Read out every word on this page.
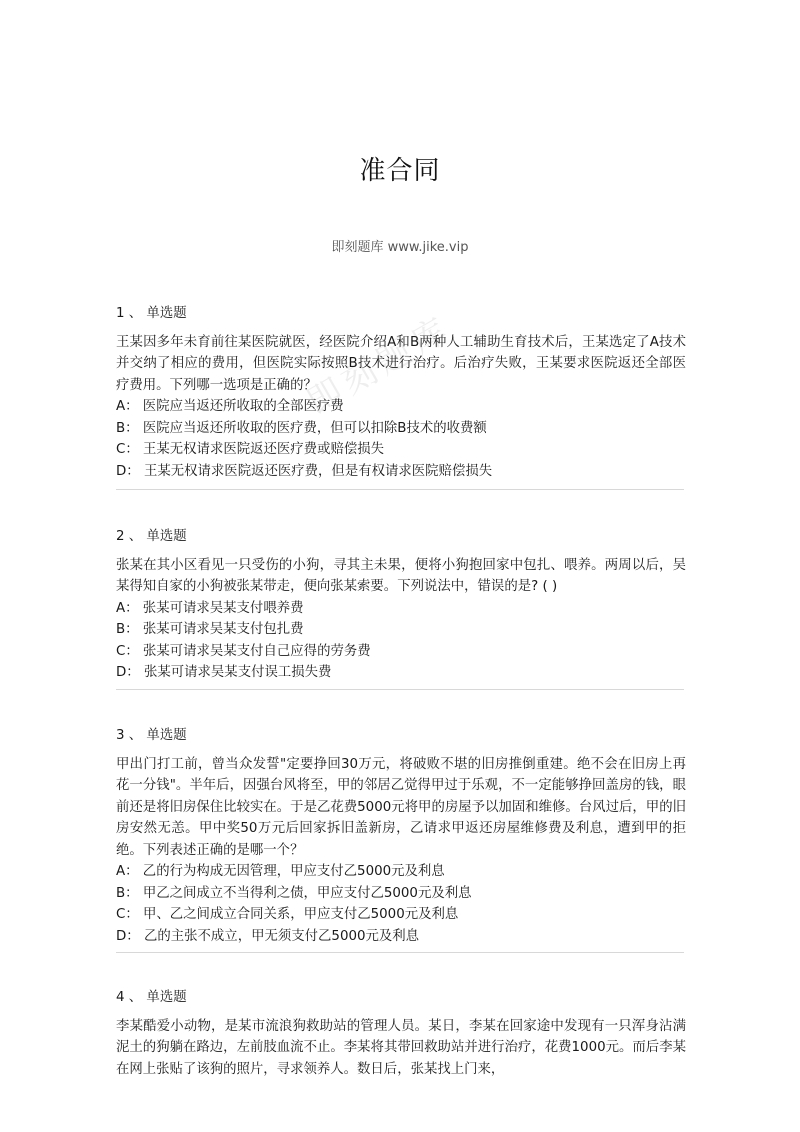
准合同
即刻题库 www.jike.vip
即刻题库
1 、 单选题
王某因多年未育前往某医院就医，经医院介绍A和B两种人工辅助生育技术后，王某选定了A技术并交纳了相应的费用，但医院实际按照B技术进行治疗。后治疗失败，王某要求医院返还全部医疗费用。下列哪一选项是正确的？
A： 医院应当返还所收取的全部医疗费
B： 医院应当返还所收取的医疗费，但可以扣除B技术的收费额
C： 王某无权请求医院返还医疗费或赔偿损失
D： 王某无权请求医院返还医疗费，但是有权请求医院赔偿损失
2 、 单选题
张某在其小区看见一只受伤的小狗，寻其主未果，便将小狗抱回家中包扎、喂养。两周以后，吴某得知自家的小狗被张某带走，便向张某索要。下列说法中，错误的是? ( )
A： 张某可请求吴某支付喂养费
B： 张某可请求吴某支付包扎费
C： 张某可请求吴某支付自己应得的劳务费
D： 张某可请求吴某支付误工损失费
3 、 单选题
甲出门打工前，曾当众发誓"定要挣回30万元，将破败不堪的旧房推倒重建。绝不会在旧房上再花一分钱"。半年后，因强台风将至，甲的邻居乙觉得甲过于乐观，不一定能够挣回盖房的钱，眼前还是将旧房保住比较实在。于是乙花费5000元将甲的房屋予以加固和维修。台风过后，甲的旧房安然无恙。甲中奖50万元后回家拆旧盖新房，乙请求甲返还房屋维修费及利息，遭到甲的拒绝。下列表述正确的是哪一个？
A： 乙的行为构成无因管理，甲应支付乙5000元及利息
B： 甲乙之间成立不当得利之债，甲应支付乙5000元及利息
C： 甲、乙之间成立合同关系，甲应支付乙5000元及利息
D： 乙的主张不成立，甲无须支付乙5000元及利息
4 、 单选题
李某酷爱小动物，是某市流浪狗救助站的管理人员。某日，李某在回家途中发现有一只浑身沾满泥土的狗躺在路边，左前肢血流不止。李某将其带回救助站并进行治疗，花费1000元。而后李某在网上张贴了该狗的照片，寻求领养人。数日后，张某找上门来，
